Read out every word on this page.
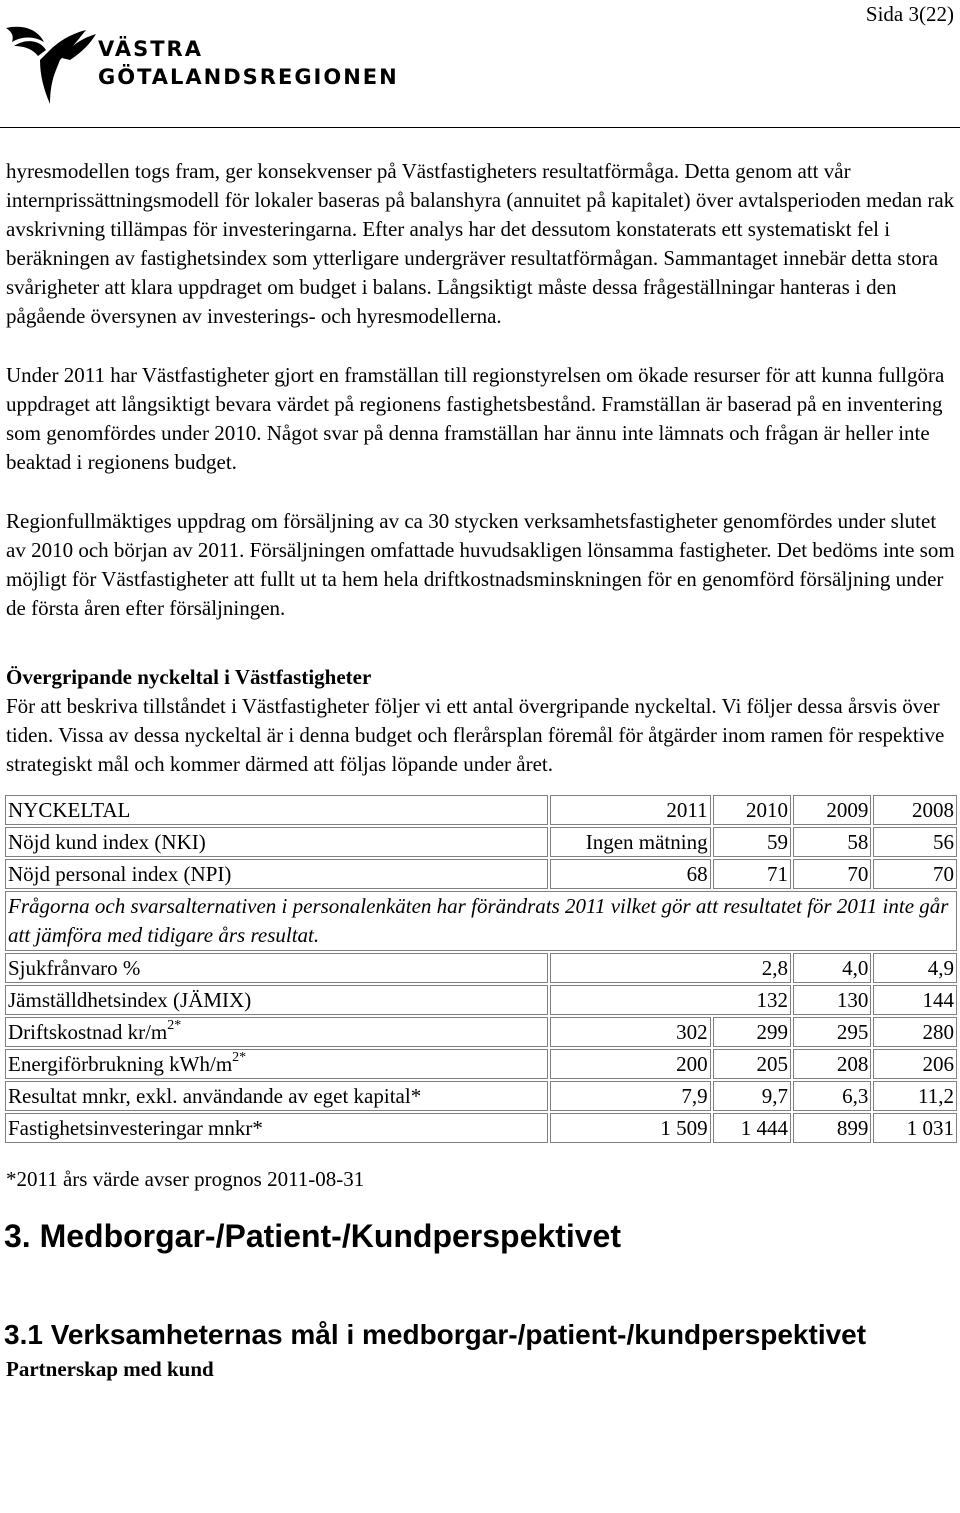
Sida 3(22)
VÄSTRA
GÖTALANDSREGIONEN

hyresmodellen togs fram, ger konsekvenser på Västfastigheters resultatförmåga. Detta genom att vår internprissättningsmodell för lokaler baseras på balanshyra (annuitet på kapitalet) över avtalsperioden medan rak avskrivning tillämpas för investeringarna. Efter analys har det dessutom konstaterats ett systematiskt fel i beräkningen av fastighetsindex som ytterligare undergräver resultatförmågan. Sammantaget innebär detta stora svårigheter att klara uppdraget om budget i balans. Långsiktigt måste dessa frågeställningar hanteras i den pågående översynen av investerings- och hyresmodellerna.

Under 2011 har Västfastigheter gjort en framställan till regionstyrelsen om ökade resurser för att kunna fullgöra uppdraget att långsiktigt bevara värdet på regionens fastighetsbestånd. Framställan är baserad på en inventering som genomfördes under 2010. Något svar på denna framställan har ännu inte lämnats och frågan är heller inte beaktad i regionens budget.

Regionfullmäktiges uppdrag om försäljning av ca 30 stycken verksamhetsfastigheter genomfördes under slutet av 2010 och början av 2011. Försäljningen omfattade huvudsakligen lönsamma fastigheter. Det bedöms inte som möjligt för Västfastigheter att fullt ut ta hem hela driftkostnadsminskningen för en genomförd försäljning under de första åren efter försäljningen.

Övergripande nyckeltal i Västfastigheter

För att beskriva tillståndet i Västfastigheter följer vi ett antal övergripande nyckeltal. Vi följer dessa årsvis över tiden. Vissa av dessa nyckeltal är i denna budget och flerårsplan föremål för åtgärder inom ramen för respektive strategiskt mål och kommer därmed att följas löpande under året.

NYCKELTAL	2011	2010	2009	2008
Nöjd kund index (NKI)	Ingen mätning	59	58	56
Nöjd personal index (NPI)	68	71	70	70
Frågorna och svarsalternativen i personalenkäten har förändrats 2011 vilket gör att resultatet för 2011 inte går att jämföra med tidigare års resultat.				
Sjukfrånvaro %	2,8		4,0	4,9
Jämställdhetsindex (JÄMIX)	132		130	144
Driftskostnad $kr/m^{2*}$	302	299	295	280
Energiförbrukning kWh/$m^{2*}$	200	205	208	206
Resultat mnkr, exkl. användande av eget kapital*	7,9	9,7	6,3	11,2
Fastighetsinvesteringar mnkr*	1 509	1 444	899	1 031
*2011 års värde avser prognos 2011-08-31
3. Medborgar-/Patient-/Kundperspektivet
3.1 Verksamheternas mål i medborgar-/patient-/kundperspektivet
Partnerskap med kund
